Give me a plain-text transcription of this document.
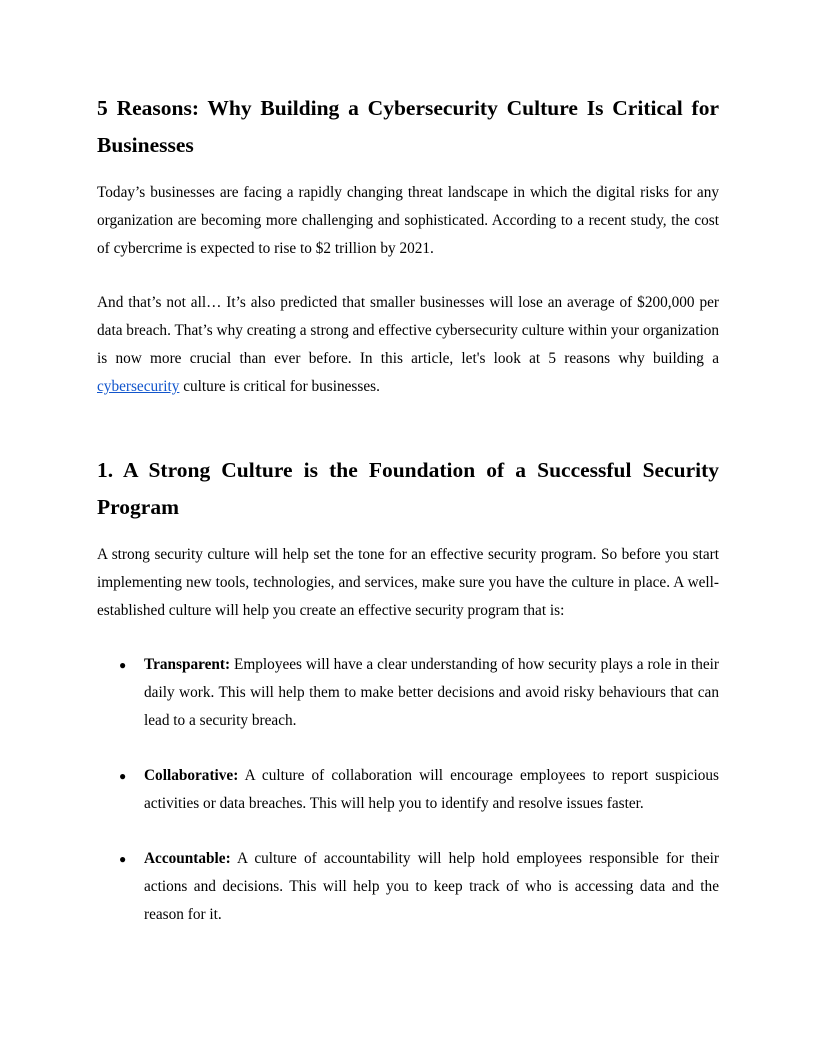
5 Reasons: Why Building a Cybersecurity Culture Is Critical for Businesses

Today’s businesses are facing a rapidly changing threat landscape in which the digital risks for any organization are becoming more challenging and sophisticated. According to a recent study, the cost of cybercrime is expected to rise to $2 trillion by 2021.

And that’s not all… It’s also predicted that smaller businesses will lose an average of $200,000 per data breach. That’s why creating a strong and effective cybersecurity culture within your organization is now more crucial than ever before. In this article, let's look at 5 reasons why building a cybersecurity culture is critical for businesses.

1. A Strong Culture is the Foundation of a Successful Security Program

A strong security culture will help set the tone for an effective security program. So before you start implementing new tools, technologies, and services, make sure you have the culture in place. A well-established culture will help you create an effective security program that is:

● Transparent: Employees will have a clear understanding of how security plays a role in their daily work. This will help them to make better decisions and avoid risky behaviours that can lead to a security breach.
● Collaborative: A culture of collaboration will encourage employees to report suspicious activities or data breaches. This will help you to identify and resolve issues faster.
● Accountable: A culture of accountability will help hold employees responsible for their actions and decisions. This will help you to keep track of who is accessing data and the reason for it.
